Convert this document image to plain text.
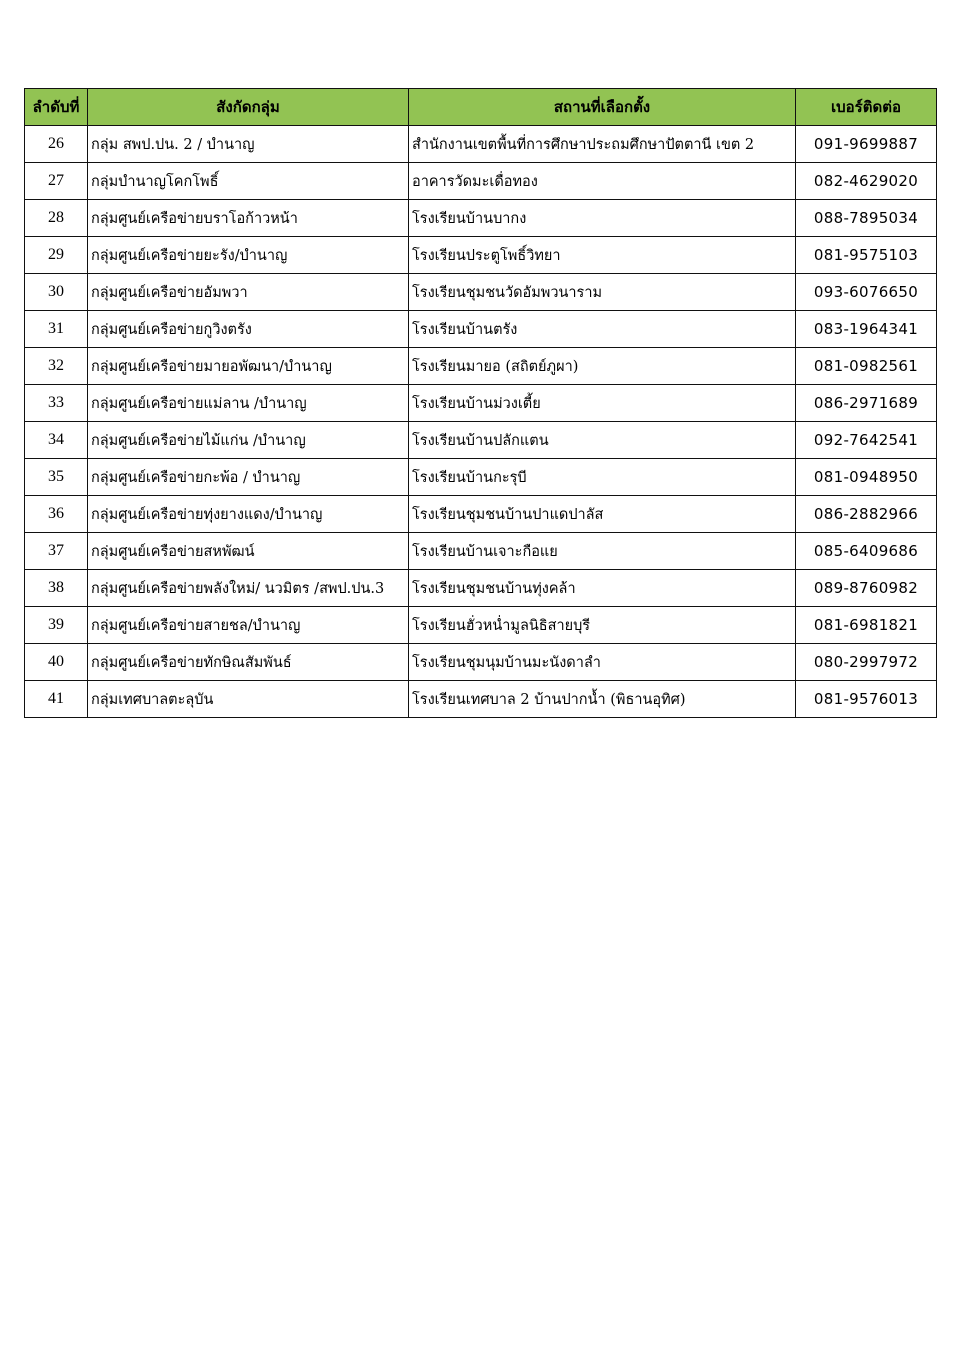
ลำดับที่	สังกัดกลุ่ม	สถานที่เลือกตั้ง	เบอร์ติดต่อ
26	กลุ่ม สพป.ปน. 2 / บำนาญ	สำนักงานเขตพื้นที่การศึกษาประถมศึกษาปัตตานี เขต 2	091-9699887
27	กลุ่มบำนาญโคกโพธิ์	อาคารวัดมะเดื่อทอง	082-4629020
28	กลุ่มศูนย์เครือข่ายบราโอก้าวหน้า	โรงเรียนบ้านบากง	088-7895034
29	กลุ่มศูนย์เครือข่ายยะรัง/บำนาญ	โรงเรียนประตูโพธิ์วิทยา	081-9575103
30	กลุ่มศูนย์เครือข่ายอัมพวา	โรงเรียนชุมชนวัดอัมพวนาราม	093-6076650
31	กลุ่มศูนย์เครือข่ายกูวิงตรัง	โรงเรียนบ้านตรัง	083-1964341
32	กลุ่มศูนย์เครือข่ายมายอพัฒนา/บำนาญ	โรงเรียนมายอ (สถิตย์ภูผา)	081-0982561
33	กลุ่มศูนย์เครือข่ายแม่ลาน /บำนาญ	โรงเรียนบ้านม่วงเตี้ย	086-2971689
34	กลุ่มศูนย์เครือข่ายไม้แก่น /บำนาญ	โรงเรียนบ้านปลักแตน	092-7642541
35	กลุ่มศูนย์เครือข่ายกะพ้อ / บำนาญ	โรงเรียนบ้านกะรุบี	081-0948950
36	กลุ่มศูนย์เครือข่ายทุ่งยางแดง/บำนาญ	โรงเรียนชุมชนบ้านปาแดปาลัส	086-2882966
37	กลุ่มศูนย์เครือข่ายสหพัฒน์	โรงเรียนบ้านเจาะกือแย	085-6409686
38	กลุ่มศูนย์เครือข่ายพลังใหม่/ นวมิตร /สพป.ปน.3	โรงเรียนชุมชนบ้านทุ่งคล้า	089-8760982
39	กลุ่มศูนย์เครือข่ายสายชล/บำนาญ	โรงเรียนฮั่วหน่ำมูลนิธิสายบุรี	081-6981821
40	กลุ่มศูนย์เครือข่ายทักษิณสัมพันธ์	โรงเรียนชุมนุมบ้านมะนังดาลำ	080-2997972
41	กลุ่มเทศบาลตะลุบัน	โรงเรียนเทศบาล 2 บ้านปากน้ำ (พิธานอุทิศ)	081-9576013
